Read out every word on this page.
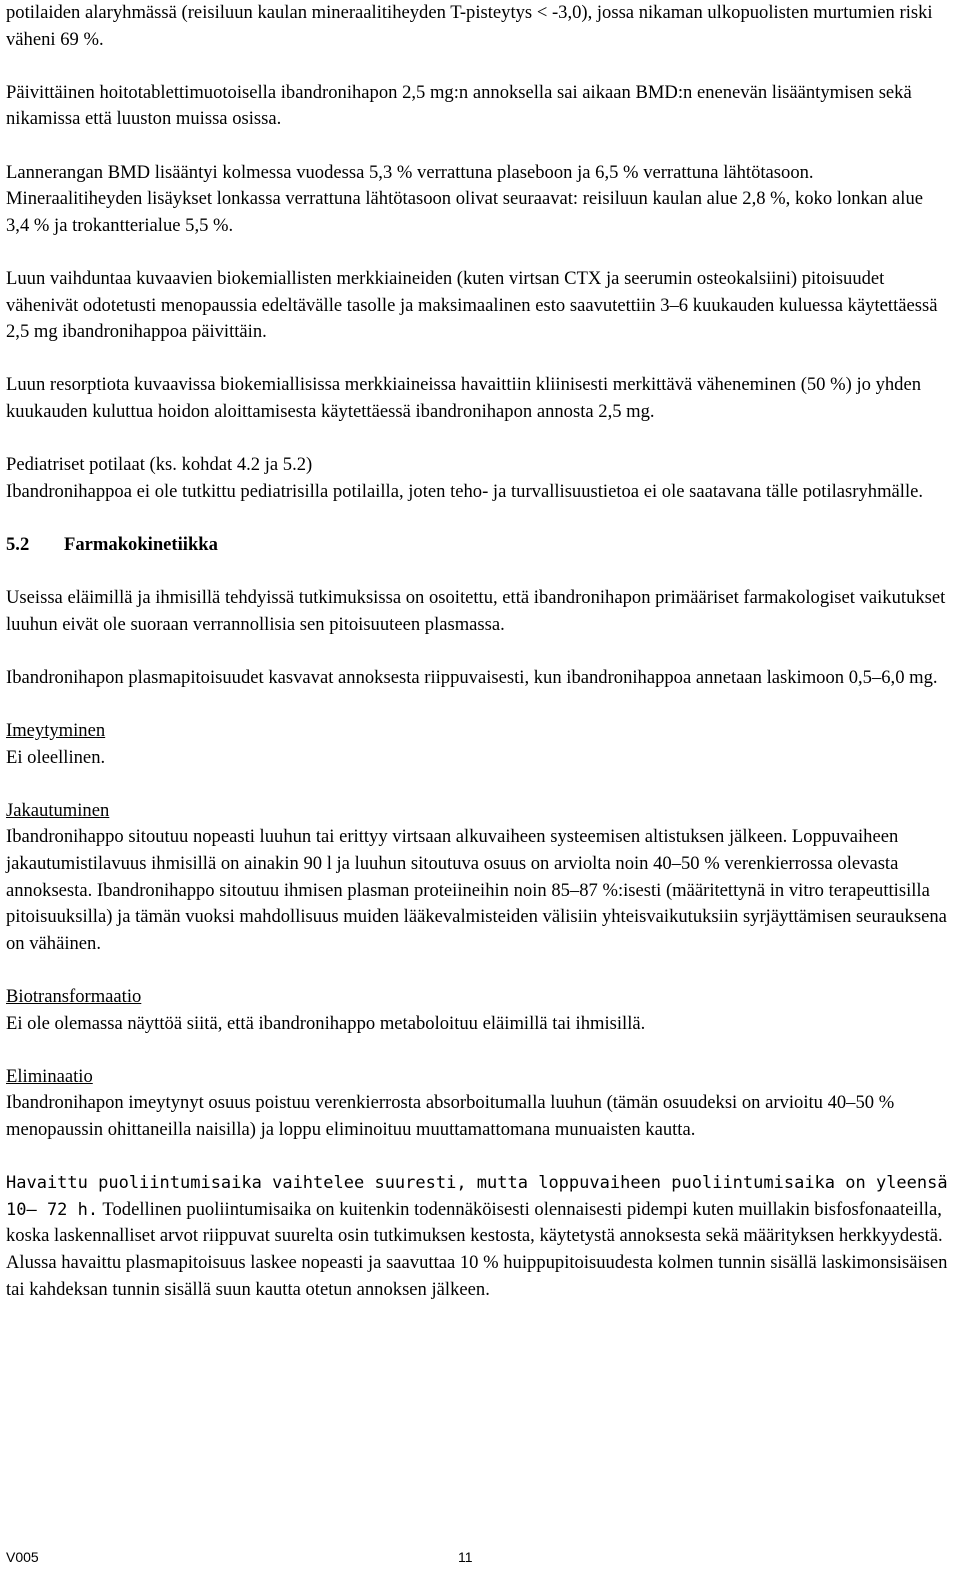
potilaiden alaryhmässä (reisiluun kaulan mineraalitiheyden T-pisteytys < -3,0), jossa nikaman ulkopuolisten murtumien riski väheni 69 %.

Päivittäinen hoitotablettimuotoisella ibandronihapon 2,5 mg:n annoksella sai aikaan BMD:n enenevän lisääntymisen sekä nikamissa että luuston muissa osissa.

Lannerangan BMD lisääntyi kolmessa vuodessa 5,3 % verrattuna plaseboon ja 6,5 % verrattuna lähtötasoon. Mineraalitiheyden lisäykset lonkassa verrattuna lähtötasoon olivat seuraavat: reisiluun kaulan alue 2,8 %, koko lonkan alue 3,4 % ja trokantterialue 5,5 %.

Luun vaihduntaa kuvaavien biokemiallisten merkkiaineiden (kuten virtsan CTX ja seerumin osteokalsiini) pitoisuudet vähenivät odotetusti menopaussia edeltävälle tasolle ja maksimaalinen esto saavutettiin 3–6 kuukauden kuluessa käytettäessä 2,5 mg ibandronihappoa päivittäin.

Luun resorptiota kuvaavissa biokemiallisissa merkkiaineissa havaittiin kliinisesti merkittävä väheneminen (50 %) jo yhden kuukauden kuluttua hoidon aloittamisesta käytettäessä ibandronihapon annosta 2,5 mg.

Pediatriset potilaat (ks. kohdat 4.2 ja 5.2)
Ibandronihappoa ei ole tutkittu pediatrisilla potilailla, joten teho- ja turvallisuustietoa ei ole saatavana tälle potilasryhmälle.
5.2 Farmakokinetiikka

Useissa eläimillä ja ihmisillä tehdyissä tutkimuksissa on osoitettu, että ibandronihapon primääriset farmakologiset vaikutukset luuhun eivät ole suoraan verrannollisia sen pitoisuuteen plasmassa.

Ibandronihapon plasmapitoisuudet kasvavat annoksesta riippuvaisesti, kun ibandronihappoa annetaan laskimoon 0,5–6,0 mg.

Imeytyminen
Ei oleellinen.
Jakautuminen
Ibandronihappo sitoutuu nopeasti luuhun tai erittyy virtsaan alkuvaiheen systeemisen altistuksen jälkeen. Loppuvaiheen jakautumistilavuus ihmisillä on ainakin 90 l ja luuhun sitoutuva osuus on arviolta noin 40–50 % verenkierrossa olevasta annoksesta. Ibandronihappo sitoutuu ihmisen plasman proteiineihin noin 85–87 %:isesti (määritettynä in vitro terapeuttisilla pitoisuuksilla) ja tämän vuoksi mahdollisuus muiden lääkevalmisteiden välisiin yhteisvaikutuksiin syrjäyttämisen seurauksena on vähäinen.
Biotransformaatio
Ei ole olemassa näyttöä siitä, että ibandronihappo metaboloituu eläimillä tai ihmisillä.
Eliminaatio
Ibandronihapon imeytynyt osuus poistuu verenkierrosta absorboitumalla luuhun (tämän osuudeksi on arvioitu 40–50 % menopaussin ohittaneilla naisilla) ja loppu eliminoituu muuttamattomana munuaisten kautta.

Havaittu puoliintumisaika vaihtelee suuresti, mutta loppuvaiheen puoliintumisaika on yleensä 10– 72 h. Todellinen puoliintumisaika on kuitenkin todennäköisesti olennaisesti pidempi kuten muillakin bisfosfonaateilla, koska laskennalliset arvot riippuvat suurelta osin tutkimuksen kestosta, käytetystä annoksesta sekä määrityksen herkkyydestä. Alussa havaittu plasmapitoisuus laskee nopeasti ja saavuttaa 10 % huippupitoisuudesta kolmen tunnin sisällä laskimonsisäisen tai kahdeksan tunnin sisällä suun kautta otetun annoksen jälkeen.

V005	11
